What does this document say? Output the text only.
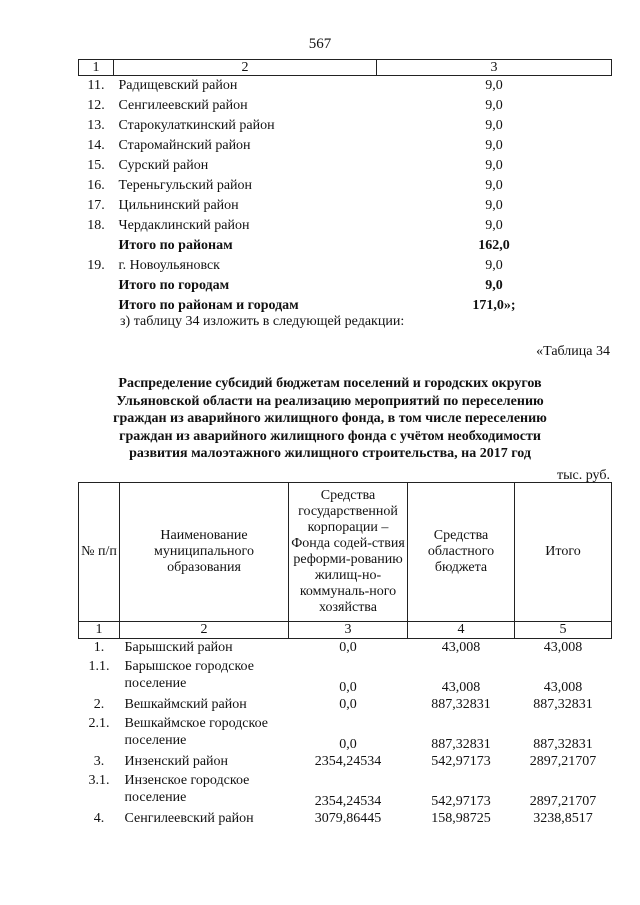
567
1	2	3
11.	Радищевский район	9,0
12.	Сенгилеевский район	9,0
13.	Старокулаткинский район	9,0
14.	Старомайнский район	9,0
15.	Сурский район	9,0
16.	Тереньгульский район	9,0
17.	Цильнинский район	9,0
18.	Чердаклинский район	9,0
	Итого по районам	162,0
19.	г. Новоульяновск	9,0
	Итого по городам	9,0
	Итого по районам и городам	171,0»;
з) таблицу 34 изложить в следующей редакции:
«Таблица 34
Распределение субсидий бюджетам поселений и городских округов Ульяновской области на реализацию мероприятий по переселению граждан из аварийного жилищного фонда, в том числе переселению граждан из аварийного жилищного фонда с учётом необходимости развития малоэтажного жилищного строительства, на 2017 год
тыс. руб.
№ п/п	Наименование муниципального образования	Средства государственной корпорации – Фонда содей-ствия реформи-рованию жилищ-но-коммуналь-ного хозяйства	Средства областного бюджета	Итого
1	2	3	4	5
1.	Барышский район	0,0	43,008	43,008
1.1.	Барышское городское поселение	0,0	43,008	43,008
2.	Вешкаймский район	0,0	887,32831	887,32831
2.1.	Вешкаймское городское поселение	0,0	887,32831	887,32831
3.	Инзенский район	2354,24534	542,97173	2897,21707
3.1.	Инзенское городское поселение	2354,24534	542,97173	2897,21707
4.	Сенгилеевский район	3079,86445	158,98725	3238,8517
